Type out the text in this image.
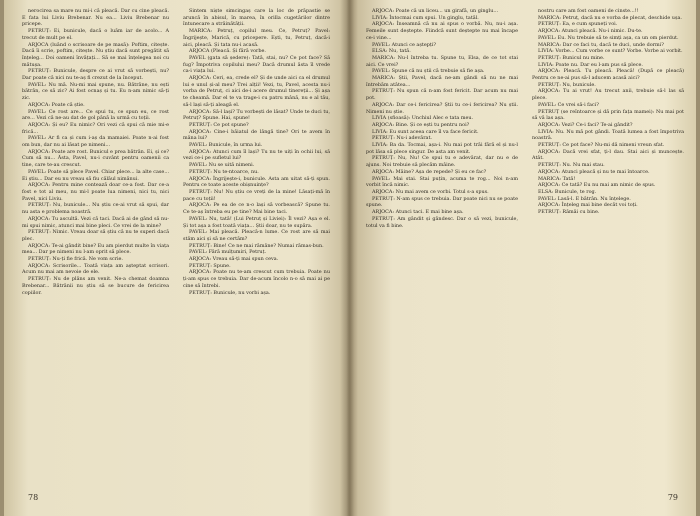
nerocirea sa mare nu mi-i că pleacă. Dar cu cine pleacă. E fata lui Liviu Brebenar. Nu ea... Liviu Brebenar nu pricepe.

PETRUȚ: Ei, bunicule, dacă o luăm iar de acolo... A trecut de mult pe el.

ARJOCA (luând o scrisoare de pe masă): Poftim, citește. Dacă îi scrie, poftim, citește. Nu știu dacă sunt pregătit să înțeleg... Doi oameni învățați... Să se mai înțelegea noi cu mătușa.

PETRUȚ: Bunicule, despre ce ai vrut să vorbești, nu? Dar poate că nici nu te-aș fi crezut de la început.

PAVEL: Nu mă. Nu-mi mai spune, nu. Bătrâne, nu ești bătrân, ce să zic? Ai fost ocnaș și tu. Eu n-am nimic să-ți zic.

ARJOCA: Poate că știe.

PAVEL: Ce rost are... Ce spui tu, ce spun eu, ce rost are... Vezi că ne-au dat de gol până la urmă cu toții.

ARJOCA: Și eu? Eu nimic? Ori vezi că spui că mie mi-e frică...

PAVEL: Ar fi ca și cum i-aș da mamaiei. Poate n-ai fost om bun, dar nu ai lăsat pe nimeni...

ARJOCA: Poate are rost. Bunicul e prea bătrân. Ei, și ce? Cum să nu... Ăsta, Pavel, nu-i cuvânt pentru oamenii ca tine, care te-au crescut.

PAVEL: Poate să plece Pavel. Chiar plece... la alte case... Ei știu... Dar eu nu vreau să fiu călăul nimănui.

ARJOCA: Pentru mine contează doar ce-a fost. Dar ce-a fost e tot al meu, nu mi-l poate lua nimeni, nici tu, nici Pavel, nici Liviu.

PETRUȚ: Nu, bunicule... Nu știu ce-ai vrut să spui, dar nu asta e problema noastră.

ARJOCA: Tu ascultă. Vezi că taci. Dacă ai de gând să nu-mi spui nimic, atunci mai bine pleci. Ce vrei de la mine?

PETRUȚ: Nimic. Vreau doar să știu că nu te superi dacă plec.

ARJOCA: Te-ai gândit bine? Eu am pierdut multe în viața mea... Dar pe nimeni nu l-am oprit să plece.

PETRUȚ: Nu-ți fie frică. Ne vom scrie.

ARJOCA: Scrisorile... Toată viața am așteptat scrisori. Acum nu mai am nevoie de ele.

PETRUȚ: Nu de plâns am venit. Ne-a chemat doamna Brebenar... Bătrânii nu știu să se bucure de fericirea copiilor.

Sintem niște simcingaș care la loc de prăpastie se aruncă în abisul, în marea, în orilla cugetărilor dintre întunecare a străinătății.

MARICA: Petruț, copilul meu. Ce, Petruț? Pavel: Îngrijește, Marică, cu pricepere. Ești, tu, Petruț, dacă-i aici, pleacă. Și tata nu-i acasă.

ARJOCA (Pleacă. Și fără vorbe.

PAVEL (gata să ședere): Tată, stai, nu? Ce pot face? Să fug? Împotriva copilului meu? Dacă drumul ăsta îl vrede ca-i viața lui.

ARJOCA: Ceri, ea, crede el? Și de unde aici ca el drumul lui e unul și-al meu? Trei alții! Vezi, tu, Pavel, acesta nu-i vorba de Petruț, ci aici de-i acere drumul tinereții... Și așa te cheamă. Dar el te va trage-i cu patru mână, nu e al tău, să-l lași să-ți aleagă el.

ARJOCA: Să-l lași? Tu vorbești de lăsat? Unde te duci tu, Petruț? Spune. Hai, spune!

PETRUȚ: Ce pot spune?

ARJOCA: Cine-i băiatul de lângă tine? Ori te avem în mâna lui?

PAVEL: Bunicule, în urma lui.

ARJOCA: Atunci cum îl lași? Tu nu te uiți în ochii lui, să vezi ce-i pe sufletul lui?

PAVEL: Nu se uită nimeni.

PETRUȚ: Nu te-ntoarce, nu.

ARJOCA: Îngrijește-i, bunicule. Asta am uitat să-ți spun. Pentru ce toate aceste obișnuințe?

PETRUȚ: Nu! Nu știu ce vreți de la mine! Lăsați-mă în pace cu toții!

ARJOCA: Pe ea de ce n-o lași să vorbească? Spune tu. Ce te-aș întreba eu pe tine? Mai bine taci.

PAVEL: Nu, tată! (Lui Petruț și Liviei): Îl vezi? Așa e el. Și tot așa a fost toată viața... Știi doar, nu te supăra.

PAVEL: Mai pleacă. Pleacă-n lume. Ce rost are să mai stăm aici și să ne certăm?

PETRUȚ: Bine! Ce ne mai rămâne? Numai rămas-bun.

PAVEL: Fără mulțumiri, Petruț.

ARJOCA: Vreau să-ți mai spun ceva.

PETRUȚ: Spune.

ARJOCA: Poate nu te-am crescut cum trebuia. Poate nu ți-am spus ce trebuia. Dar de-acum încolo n-o să mai ai pe cine să întrebi.

PETRUȚ: Bunicule, nu vorbi așa.

78

ARJOCA: Poate că un liceu... un girafă, un ginglu...

LIVIA: Întocmai cum spui. Un ginglu, tatăl.

ARJOCA: Înseamnă că nu ai spus o vorbă. Nu, nu-i așa. Femeile sunt deștepte. Fiindcă sunt deștepte nu mai încape ce-i vine...

PAVEL: Atunci ce aștepți?

ELSA: Nu, tată.

MARICA: Nu-l întreba tu. Spune tu, Elsa, de ce tot stai aici. Ce vrei?

PAVEL: Spune că nu știi că trebuie să fie așa.

MARICA: Știi, Pavel, dacă ne-am gândi să nu ne mai întrebăm atâtea...

PETRUȚ: Nu spun că n-am fost fericit. Dar acum nu mai pot.

ARJOCA: Dar ce-i fericirea? Știi tu ce-i fericirea? Nu știi. Nimeni nu știe.

LIVIA (sfioasă): Unchiul Alec e tata meu.

ARJOCA: Bine. Și ce ești tu pentru noi?

LIVIA: Eu sunt aceea care îl va face fericit.

PETRUȚ: Nu-i adevărat.

LIVIA: Ba da. Tocmai, așa-i. Nu mai pot trăi fără el și nu-l pot lăsa să plece singur. De asta am venit.

PETRUȚ: Nu, Nu! Ce spui tu e adevărat, dar nu e de ajuns. Noi trebuie să plecăm mâine.

ARJOCA: Mâine? Așa de repede? Și eu ce fac?

PAVEL: Mai stai. Stai puțin, acuma te rog... Noi n-am vorbit încă nimic.

ARJOCA: Nu mai avem ce vorbi. Totul s-a spus.

PETRUȚ: N-am spus ce trebuia. Dar poate nici nu se poate spune.

ARJOCA: Atunci taci. E mai bine așa.

PETRUȚ: Am gândit și gândesc. Dar o să vezi, bunicule, totul va fi bine.

nostru care am fost oameni de cinste...!!

MARICA: Petruț, dacă nu e vorba de plecat, deschide ușa.

PETRUȚ: Ea, e cum spuneți voi.

ARJOCA: Atunci pleacă. Nu-i nimic. Du-te.

PAVEL: Eu. Nu trebuie să te simți așa, ca un om pierdut.

MARICA: Dar ce faci tu, dacă te duci, unde dormi?

LIVIA: Vorbe... Cum vorbe ce sunt? Vorbe. Vorbe ai vorbit.

PETRUȚ: Bunicul nu mine.

LIVIA: Poate nu. Dar eu l-am pus să plece.

ARJOCA: Pleacă. Tu pleacă. Pleacă! (După ce pleacă) Pentru ce ne-ai pus să-l aducem acasă aici?

PETRUȚ: Nu, bunicule.

ARJOCA: Tu ai vrut! Au trecut anii, trebuie să-l las să plece.

PAVEL: Ce vrei să-i faci?

PETRUȚ (se reîntoarce și dă prin fața mamei): Nu mai pot să vă las așa.

ARJOCA: Vezi? Ce-i faci? Te-ai gândit?

LIVIA: Nu. Nu mă pot gândi. Toată lumea a fost împotriva noastră.

PETRUȚ: Ce pot face? Nu-mi dă nimeni vreun sfat.

ARJOCA: Dacă vrei sfat, ți-l dau. Stai aici și muncește. Atât.

PETRUȚ: Nu. Nu mai stau.

ARJOCA: Atunci pleacă și nu te mai întoarce.

MARICA: Tată!

ARJOCA: Ce tată? Eu nu mai am nimic de spus.

ELSA: Bunicule, te rog.

PAVEL: Lasă-l. E bătrân. Nu înțelege.

ARJOCA: Înțeleg mai bine decât voi toți.

PETRUȚ: Rămâi cu bine.

79
